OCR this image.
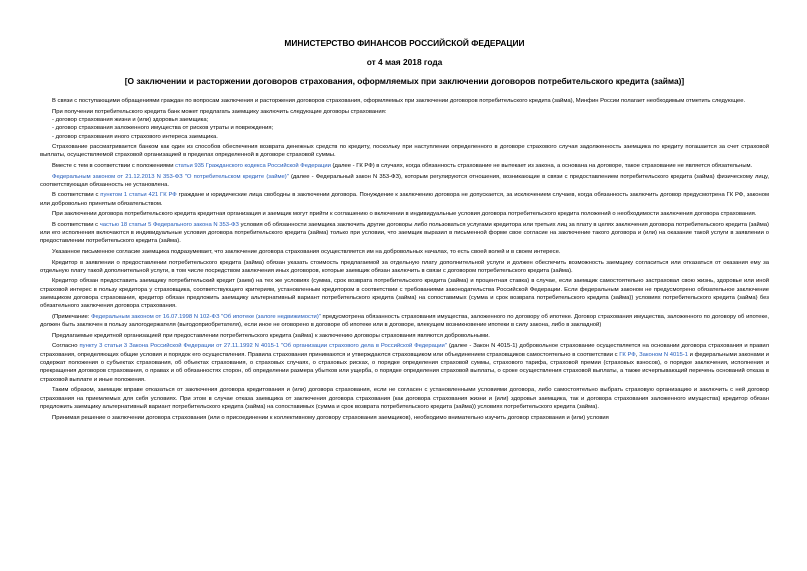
МИНИСТЕРСТВО ФИНАНСОВ РОССИЙСКОЙ ФЕДЕРАЦИИ
от 4 мая 2018 года
[О заключении и расторжении договоров страхования, оформляемых при заключении договоров потребительского кредита (займа)]

В связи с поступающими обращениями граждан по вопросам заключения и расторжения договоров страхования, оформляемых при заключении договоров потребительского кредита (займа), Минфин России полагает необходимым отметить следующее.

При получении потребительского кредита банк может предлагать заемщику заключить следующие договоры страхования:

- договор страхования жизни и (или) здоровья заемщика;

- договор страхования заложенного имущества от рисков утраты и повреждения;

- договор страхования иного страхового интереса заемщика.

Страхование рассматривается банком как один из способов обеспечения возврата денежных средств по кредиту, поскольку при наступлении определенного в договоре страхового случая задолженность заемщика по кредиту погашается за счет страховой выплаты, осуществляемой страховой организацией в пределах определенной в договоре страховой суммы.

Вместе с тем в соответствии с положениями статьи 935 Гражданского кодекса Российской Федерации (далее - ГК РФ) в случаях, когда обязанность страхование не вытекает из закона, а основана на договоре, такое страхование не является обязательным.

Федеральным законом от 21.12.2013 N 353-ФЗ "О потребительском кредите (займе)" (далее - Федеральный закон N 353-ФЗ), которым регулируются отношения, возникающие в связи с предоставлением потребительского кредита (займа) физическому лицу, соответствующая обязанность не установлена.

В соответствии с пунктом 1 статьи 421 ГК РФ граждане и юридические лица свободны в заключении договора. Понуждение к заключению договора не допускается, за исключением случаев, когда обязанность заключить договор предусмотрена ГК РФ, законом или добровольно принятым обязательством.

При заключении договора потребительского кредита кредитная организация и заемщик могут прийти к соглашению о включении в индивидуальные условия договора потребительского кредита положений о необходимости заключения договора страхования.

В соответствии с частью 18 статьи 5 Федерального закона N 353-ФЗ условия об обязанности заемщика заключить другие договоры либо пользоваться услугами кредитора или третьих лиц за плату в целях заключения договора потребительского кредита (займа) или его исполнения включаются в индивидуальные условия договора потребительского кредита (займа) только при условии, что заемщик выразил в письменной форме свое согласие на заключение такого договора и (или) на оказание такой услуги в заявлении о предоставлении потребительского кредита (займа).

Указанное письменное согласие заемщика подразумевает, что заключение договора страхования осуществляется им на добровольных началах, то есть своей волей и в своем интересе.

Кредитор в заявлении о предоставлении потребительского кредита (займа) обязан указать стоимость предлагаемой за отдельную плату дополнительной услуги и должен обеспечить возможность заемщику согласиться или отказаться от оказания ему за отдельную плату такой дополнительной услуги, в том числе посредством заключения иных договоров, которые заемщик обязан заключить в связи с договором потребительского кредита (займа).

Кредитор обязан предоставить заемщику потребительский кредит (заем) на тех же условиях (сумма, срок возврата потребительского кредита (займа) и процентная ставка) в случае, если заемщик самостоятельно застраховал свою жизнь, здоровье или иной страховой интерес в пользу кредитора у страховщика, соответствующего критериям, установленным кредитором в соответствии с требованиями законодательства Российской Федерации. Если федеральным законом не предусмотрено обязательное заключение заемщиком договора страхования, кредитор обязан предложить заемщику альтернативный вариант потребительского кредита (займа) на сопоставимых (сумма и срок возврата потребительского кредита (займа)) условиях потребительского кредита (займа) без обязательного заключения договора страхования.

(Примечание: Федеральным законом от 16.07.1998 N 102-ФЗ "Об ипотеке (залоге недвижимости)" предусмотрена обязанность страхования имущества, заложенного по договору об ипотеке. Договор страхования имущества, заложенного по договору об ипотеке, должен быть заключен в пользу залогодержателя (выгодоприобретателя), если иное не оговорено в договоре об ипотеке или в договоре, влекущем возникновение ипотеки в силу закона, либо в закладной)

Предлагаемые кредитной организацией при предоставлении потребительского кредита (займа) к заключению договоры страхования являются добровольными.

Согласно пункту 3 статьи 3 Закона Российской Федерации от 27.11.1992 N 4015-1 "Об организации страхового дела в Российской Федерации" (далее - Закон N 4015-1) добровольное страхование осуществляется на основании договора страхования и правил страхования, определяющих общие условия и порядок его осуществления. Правила страхования принимаются и утверждаются страховщиком или объединением страховщиков самостоятельно в соответствии с ГК РФ, Законом N 4015-1 и федеральными законами и содержат положения о субъектах страхования, об объектах страхования, о страховых случаях, о страховых рисках, о порядке определения страховой суммы, страхового тарифа, страховой премии (страховых взносов), о порядке заключения, исполнения и прекращения договоров страхования, о правах и об обязанностях сторон, об определении размера убытков или ущерба, о порядке определения страховой выплаты, о сроке осуществления страховой выплаты, а также исчерпывающий перечень оснований отказа в страховой выплате и иные положения.

Таким образом, заемщик вправе отказаться от заключения договора кредитования и (или) договора страхования, если не согласен с установленными условиями договора, либо самостоятельно выбрать страховую организацию и заключить с ней договор страхования на приемлемых для себя условиях. При этом в случае отказа заемщика от заключения договора страхования (как договора страхования жизни и (или) здоровья заемщика, так и договора страхования заложенного имущества) кредитор обязан предложить заемщику альтернативный вариант потребительского кредита (займа) на сопоставимых (сумма и срок возврата потребительского кредита (займа)) условиях потребительского кредита (займа).

Принимая решение о заключении договора страхования (или о присоединении к коллективному договору страхования заемщиков), необходимо внимательно изучить договор страхования и (или) условия
